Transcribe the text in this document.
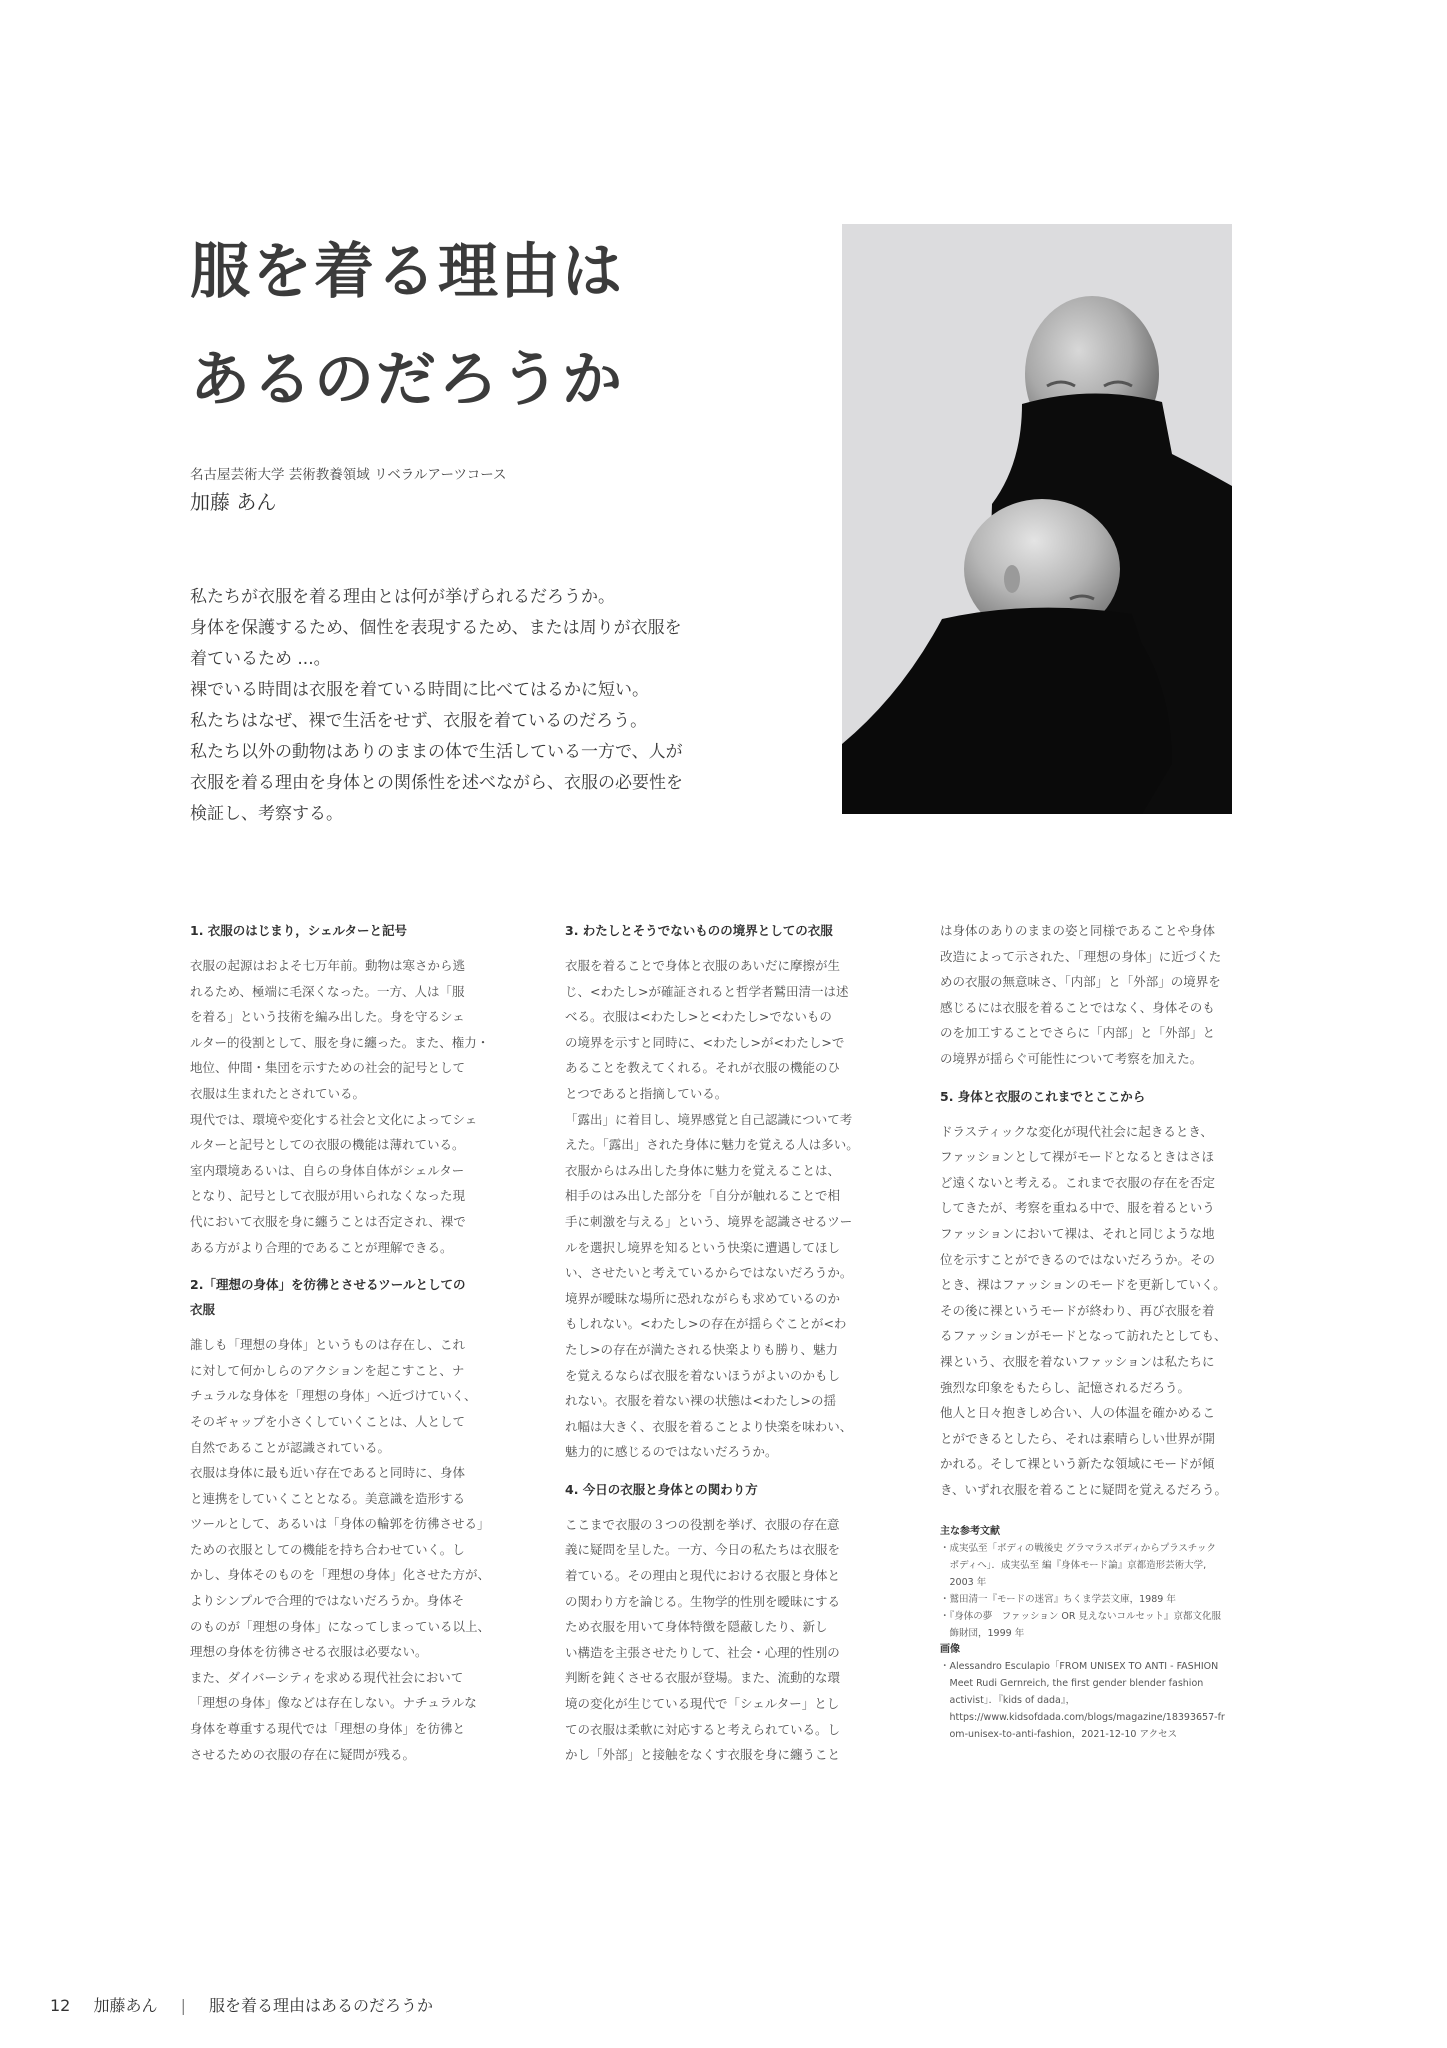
服を着る理由は
あるのだろうか
名古屋芸術大学 芸術教養領域 リベラルアーツコース
加藤 あん

私たちが衣服を着る理由とは何が挙げられるだろうか。

身体を保護するため、個性を表現するため、または周りが衣服を

着ているため ...。

裸でいる時間は衣服を着ている時間に比べてはるかに短い。

私たちはなぜ、裸で生活をせず、衣服を着ているのだろう。

私たち以外の動物はありのままの体で生活している一方で、人が

衣服を着る理由を身体との関係性を述べながら、衣服の必要性を

検証し、考察する。

1. 衣服のはじまり，シェルターと記号

衣服の起源はおよそ七万年前。動物は寒さから逃

れるため、極端に毛深くなった。一方、人は「服

を着る」という技術を編み出した。身を守るシェ

ルター的役割として、服を身に纏った。また、権力・

地位、仲間・集団を示すための社会的記号として

衣服は生まれたとされている。

現代では、環境や変化する社会と文化によってシェ

ルターと記号としての衣服の機能は薄れている。

室内環境あるいは、自らの身体自体がシェルター

となり、記号として衣服が用いられなくなった現

代において衣服を身に纏うことは否定され、裸で

ある方がより合理的であることが理解できる。

2.「理想の身体」を彷彿とさせるツールとしての
衣服

誰しも「理想の身体」というものは存在し、これ

に対して何かしらのアクションを起こすこと、ナ

チュラルな身体を「理想の身体」へ近づけていく、

そのギャップを小さくしていくことは、人として

自然であることが認識されている。

衣服は身体に最も近い存在であると同時に、身体

と連携をしていくこととなる。美意識を造形する

ツールとして、あるいは「身体の輪郭を彷彿させる」

ための衣服としての機能を持ち合わせていく。し

かし、身体そのものを「理想の身体」化させた方が、

よりシンプルで合理的ではないだろうか。身体そ

のものが「理想の身体」になってしまっている以上、

理想の身体を彷彿させる衣服は必要ない。

また、ダイバーシティを求める現代社会において

「理想の身体」像などは存在しない。ナチュラルな

身体を尊重する現代では「理想の身体」を彷彿と

させるための衣服の存在に疑問が残る。

3. わたしとそうでないものの境界としての衣服

衣服を着ることで身体と衣服のあいだに摩擦が生

じ、<わたし>が確証されると哲学者鷲田清一は述

べる。衣服は<わたし>と<わたし>でないもの

の境界を示すと同時に、<わたし>が<わたし>で

あることを教えてくれる。それが衣服の機能のひ

とつであると指摘している。

「露出」に着目し、境界感覚と自己認識について考

えた。「露出」された身体に魅力を覚える人は多い。

衣服からはみ出した身体に魅力を覚えることは、

相手のはみ出した部分を「自分が触れることで相

手に刺激を与える」という、境界を認識させるツー

ルを選択し境界を知るという快楽に遭遇してほし

い、させたいと考えているからではないだろうか。

境界が曖昧な場所に恐れながらも求めているのか

もしれない。<わたし>の存在が揺らぐことが<わ

たし>の存在が満たされる快楽よりも勝り、魅力

を覚えるならば衣服を着ないほうがよいのかもし

れない。衣服を着ない裸の状態は<わたし>の揺

れ幅は大きく、衣服を着ることより快楽を味わい、

魅力的に感じるのではないだろうか。

4. 今日の衣服と身体との関わり方

ここまで衣服の３つの役割を挙げ、衣服の存在意

義に疑問を呈した。一方、今日の私たちは衣服を

着ている。その理由と現代における衣服と身体と

の関わり方を論じる。生物学的性別を曖昧にする

ため衣服を用いて身体特徴を隠蔽したり、新し

い構造を主張させたりして、社会・心理的性別の

判断を鈍くさせる衣服が登場。また、流動的な環

境の変化が生じている現代で「シェルター」とし

ての衣服は柔軟に対応すると考えられている。し

かし「外部」と接触をなくす衣服を身に纏うこと

は身体のありのままの姿と同様であることや身体

改造によって示された、「理想の身体」に近づくた

めの衣服の無意味さ、「内部」と「外部」の境界を

感じるには衣服を着ることではなく、身体そのも

のを加工することでさらに「内部」と「外部」と

の境界が揺らぐ可能性について考察を加えた。

5. 身体と衣服のこれまでとここから

ドラスティックな変化が現代社会に起きるとき、

ファッションとして裸がモードとなるときはさほ

ど遠くないと考える。これまで衣服の存在を否定

してきたが、考察を重ねる中で、服を着るという

ファッションにおいて裸は、それと同じような地

位を示すことができるのではないだろうか。その

とき、裸はファッションのモードを更新していく。

その後に裸というモードが終わり、再び衣服を着

るファッションがモードとなって訪れたとしても、

裸という、衣服を着ないファッションは私たちに

強烈な印象をもたらし、記憶されるだろう。

他人と日々抱きしめ合い、人の体温を確かめるこ

とができるとしたら、それは素晴らしい世界が開

かれる。そして裸という新たな領域にモードが傾

き、いずれ衣服を着ることに疑問を覚えるだろう。

主な参考文献

・成実弘至「ボディの戦後史 グラマラスボディからプラスチック

　ボディへ」．成実弘至 編『身体モード論』京都造形芸術大学,

　2003 年

・鷲田清一『モードの迷宮』ちくま学芸文庫，1989 年

・『身体の夢　ファッション OR 見えないコルセット』京都文化服

　飾財団，1999 年

画像

・Alessandro Esculapio「FROM UNISEX TO ANTI - FASHION

　Meet Rudi Gernreich, the first gender blender fashion

　activist」．『kids of dada』，

　https://www.kidsofdada.com/blogs/magazine/18393657-fr

　om-unisex-to-anti-fashion，2021-12-10 アクセス

12 加藤あん | 服を着る理由はあるのだろうか
